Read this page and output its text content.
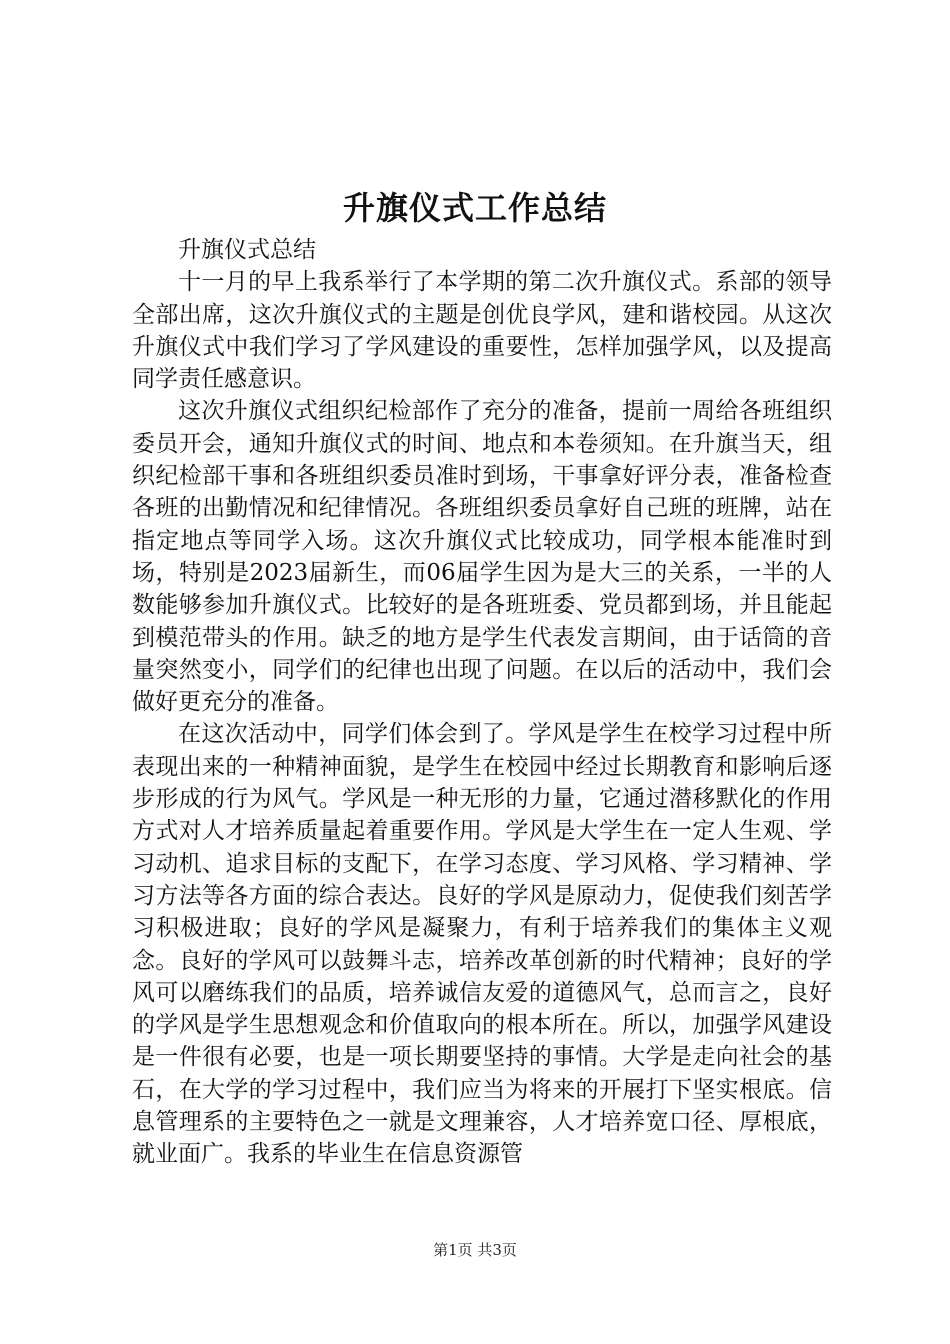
升旗仪式工作总结

升旗仪式总结

十一月的早上我系举行了本学期的第二次升旗仪式。系部的领导全部出席，这次升旗仪式的主题是创优良学风，建和谐校园。从这次升旗仪式中我们学习了学风建设的重要性，怎样加强学风，以及提高同学责任感意识。

这次升旗仪式组织纪检部作了充分的准备，提前一周给各班组织委员开会，通知升旗仪式的时间、地点和本卷须知。在升旗当天，组织纪检部干事和各班组织委员准时到场，干事拿好评分表，准备检查各班的出勤情况和纪律情况。各班组织委员拿好自己班的班牌，站在指定地点等同学入场。这次升旗仪式比较成功，同学根本能准时到场，特别是2023届新生，而06届学生因为是大三的关系，一半的人数能够参加升旗仪式。比较好的是各班班委、党员都到场，并且能起到模范带头的作用。缺乏的地方是学生代表发言期间，由于话筒的音量突然变小，同学们的纪律也出现了问题。在以后的活动中，我们会做好更充分的准备。

在这次活动中，同学们体会到了。学风是学生在校学习过程中所表现出来的一种精神面貌，是学生在校园中经过长期教育和影响后逐步形成的行为风气。学风是一种无形的力量，它通过潜移默化的作用方式对人才培养质量起着重要作用。学风是大学生在一定人生观、学习动机、追求目标的支配下，在学习态度、学习风格、学习精神、学习方法等各方面的综合表达。良好的学风是原动力，促使我们刻苦学习积极进取；良好的学风是凝聚力，有利于培养我们的集体主义观念。良好的学风可以鼓舞斗志，培养改革创新的时代精神；良好的学风可以磨练我们的品质，培养诚信友爱的道德风气，总而言之，良好的学风是学生思想观念和价值取向的根本所在。所以，加强学风建设是一件很有必要，也是一项长期要坚持的事情。大学是走向社会的基石，在大学的学习过程中，我们应当为将来的开展打下坚实根底。信息管理系的主要特色之一就是文理兼容，人才培养宽口径、厚根底，就业面广。我系的毕业生在信息资源管

第1页 共3页
